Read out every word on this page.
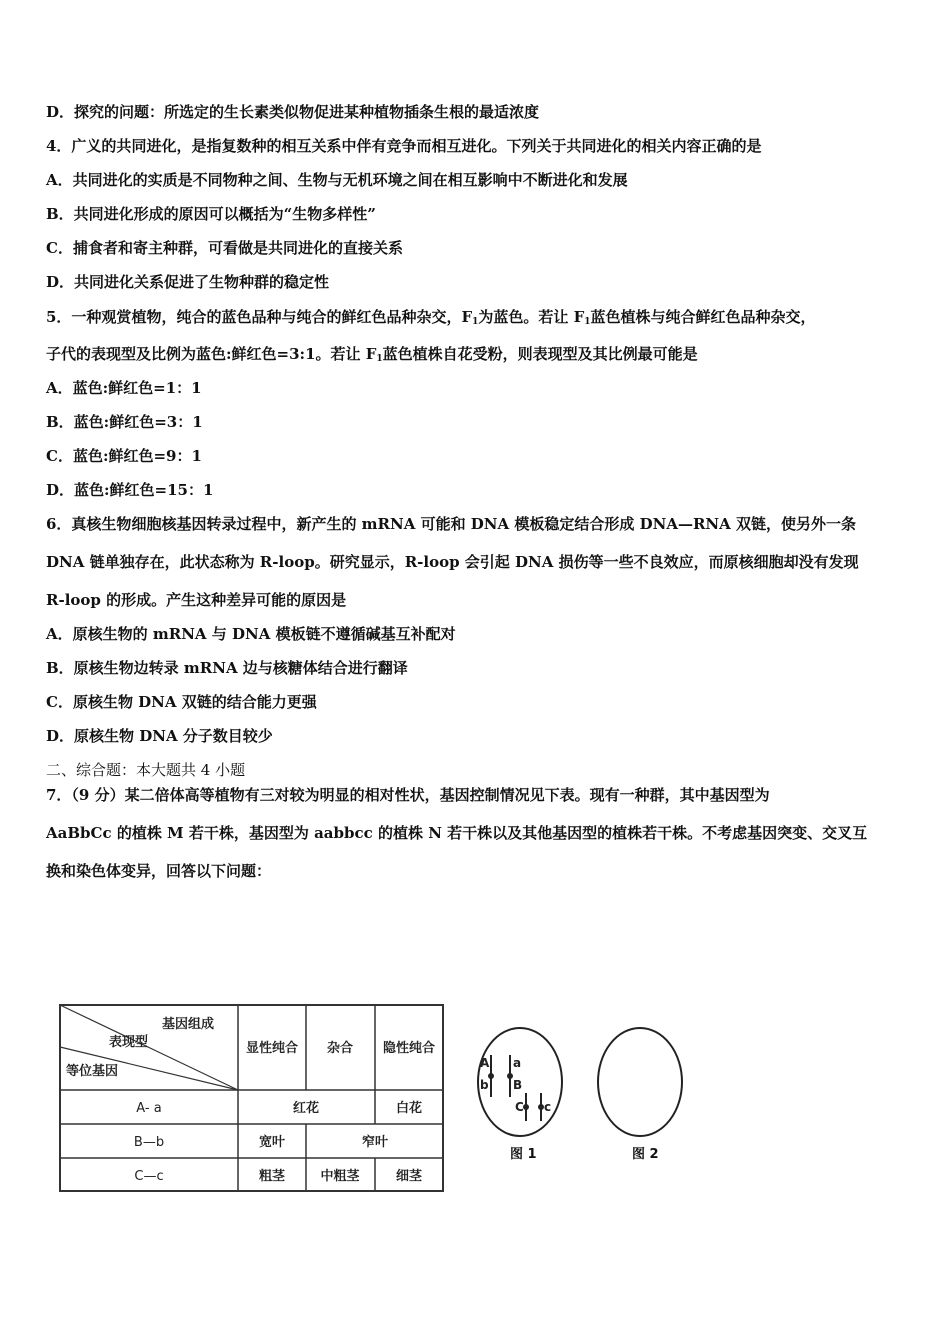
D．探究的问题：所选定的生长素类似物促进某种植物插条生根的最适浓度
4．广义的共同进化，是指复数种的相互关系中伴有竞争而相互进化。下列关于共同进化的相关内容正确的是
A．共同进化的实质是不同物种之间、生物与无机环境之间在相互影响中不断进化和发展
B．共同进化形成的原因可以概括为“生物多样性”
C．捕食者和寄主种群，可看做是共同进化的直接关系
D．共同进化关系促进了生物种群的稳定性
5．一种观赏植物，纯合的蓝色品种与纯合的鲜红色品种杂交，$F_1$为蓝色。若让 $F_1$蓝色植株与纯合鲜红色品种杂交，
子代的表现型及比例为蓝色:鲜红色=3:1。若让 $F_1$蓝色植株自花受粉，则表现型及其比例最可能是
A．蓝色:鲜红色=1：1
B．蓝色:鲜红色=3：1
C．蓝色:鲜红色=9：1
D．蓝色:鲜红色=15：1
6．真核生物细胞核基因转录过程中，新产生的 mRNA 可能和 DNA 模板稳定结合形成 DNA—RNA 双链，使另外一条
DNA 链单独存在，此状态称为 R-loop。研究显示，R-loop 会引起 DNA 损伤等一些不良效应，而原核细胞却没有发现
R-loop 的形成。产生这种差异可能的原因是
A．原核生物的 mRNA 与 DNA 模板链不遵循碱基互补配对
B．原核生物边转录 mRNA 边与核糖体结合进行翻译
C．原核生物 DNA 双链的结合能力更强
D．原核生物 DNA 分子数目较少
二、综合题：本大题共 4 小题
7．（9 分）某二倍体高等植物有三对较为明显的相对性状，基因控制情况见下表。现有一种群，其中基因型为
AaBbCc 的植株 M 若干株，基因型为 aabbcc 的植株 N 若干株以及其他基因型的植株若干株。不考虑基因突变、交叉互
换和染色体变异，回答以下问题：
基因组成
表现型
等位基因
显性纯合 杂合 隐性纯合
A- a	红花	白花
B—b	宽叶	窄叶
C—c	粗茎	中粗茎	细茎
A a
b B
C c
图 1	图 2
